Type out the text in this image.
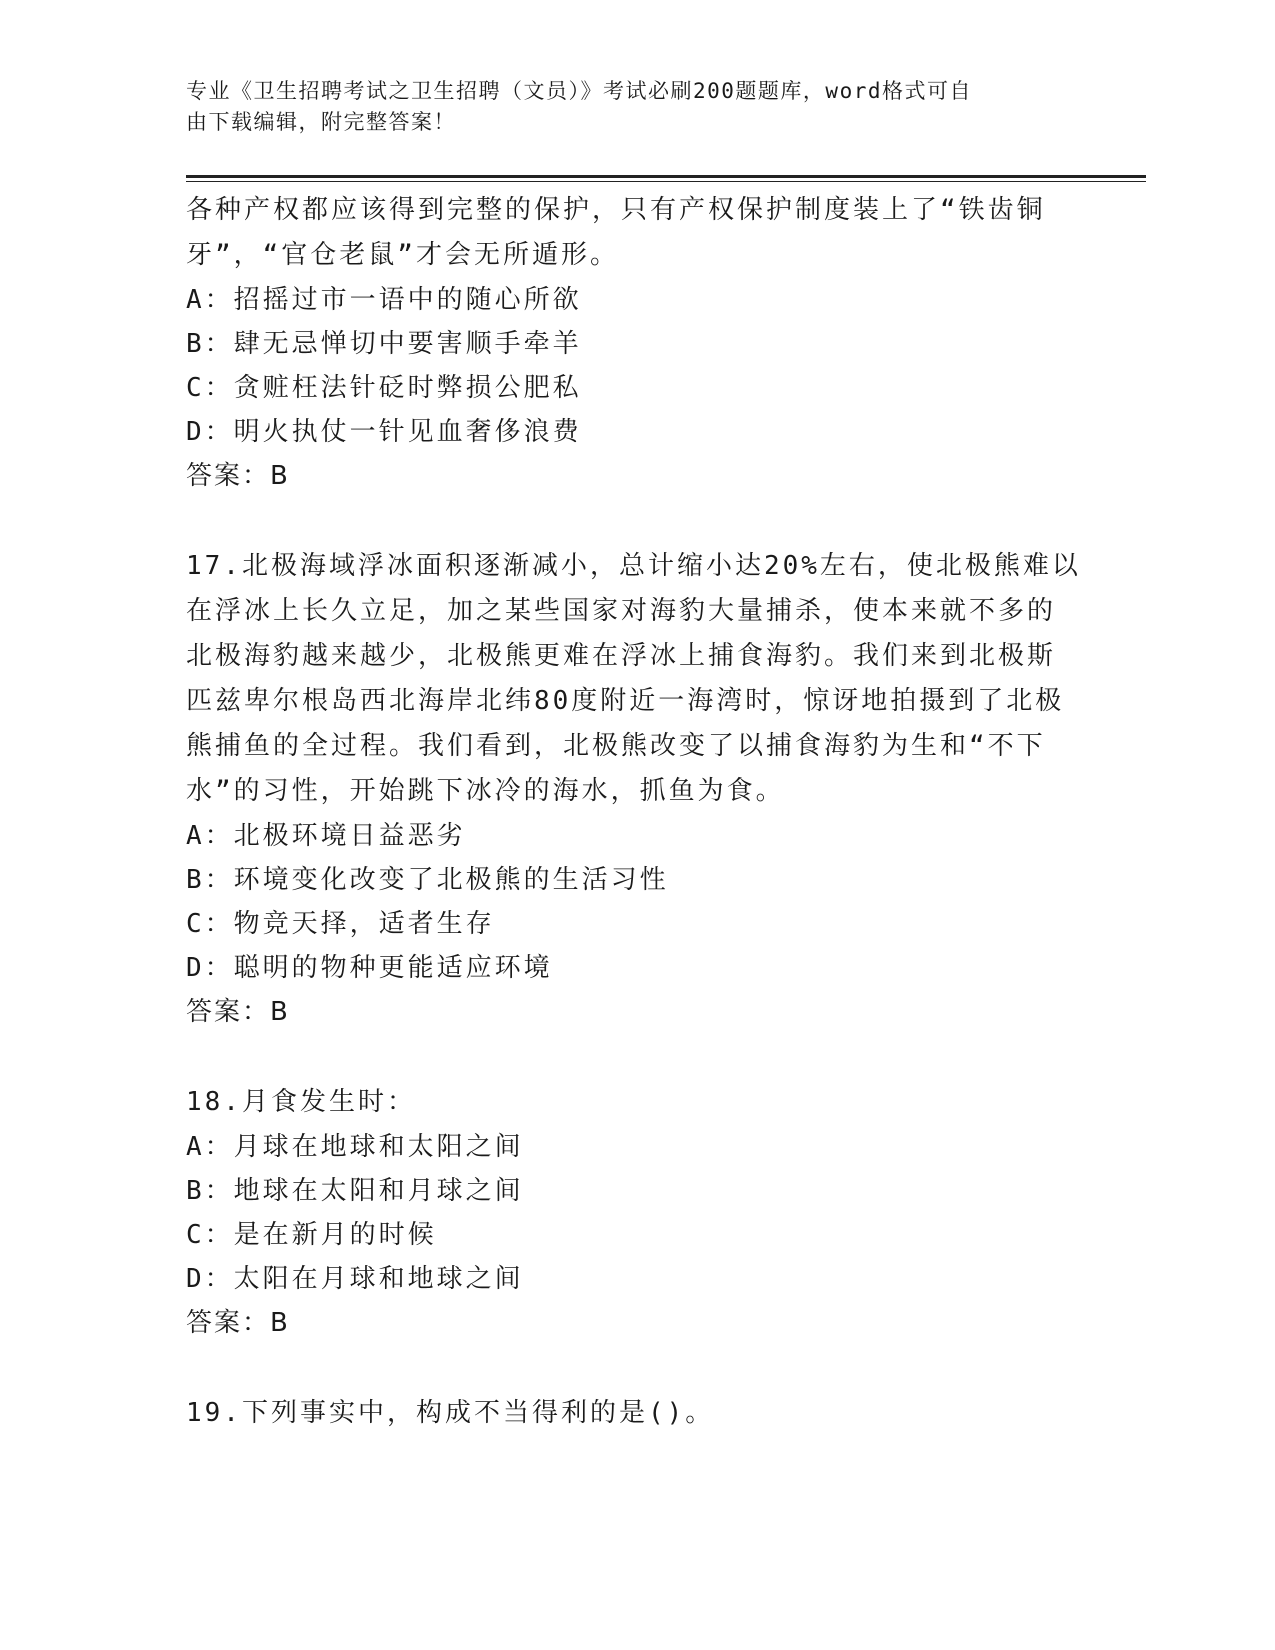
专业《卫生招聘考试之卫生招聘（文员）》考试必刷200题题库，word格式可自
由下载编辑，附完整答案！
各种产权都应该得到完整的保护，只有产权保护制度装上了“铁齿铜
牙”，“官仓老鼠”才会无所遁形。
A：招摇过市一语中的随心所欲
B：肆无忌惮切中要害顺手牵羊
C：贪赃枉法针砭时弊损公肥私
D：明火执仗一针见血奢侈浪费
答案：B
17.北极海域浮冰面积逐渐减小，总计缩小达20%左右，使北极熊难以
在浮冰上长久立足，加之某些国家对海豹大量捕杀，使本来就不多的
北极海豹越来越少，北极熊更难在浮冰上捕食海豹。我们来到北极斯
匹兹卑尔根岛西北海岸北纬80度附近一海湾时，惊讶地拍摄到了北极
熊捕鱼的全过程。我们看到，北极熊改变了以捕食海豹为生和“不下
水”的习性，开始跳下冰冷的海水，抓鱼为食。
A：北极环境日益恶劣
B：环境变化改变了北极熊的生活习性
C：物竞天择，适者生存
D：聪明的物种更能适应环境
答案：B
18.月食发生时：
A：月球在地球和太阳之间
B：地球在太阳和月球之间
C：是在新月的时候
D：太阳在月球和地球之间
答案：B
19.下列事实中，构成不当得利的是()。
